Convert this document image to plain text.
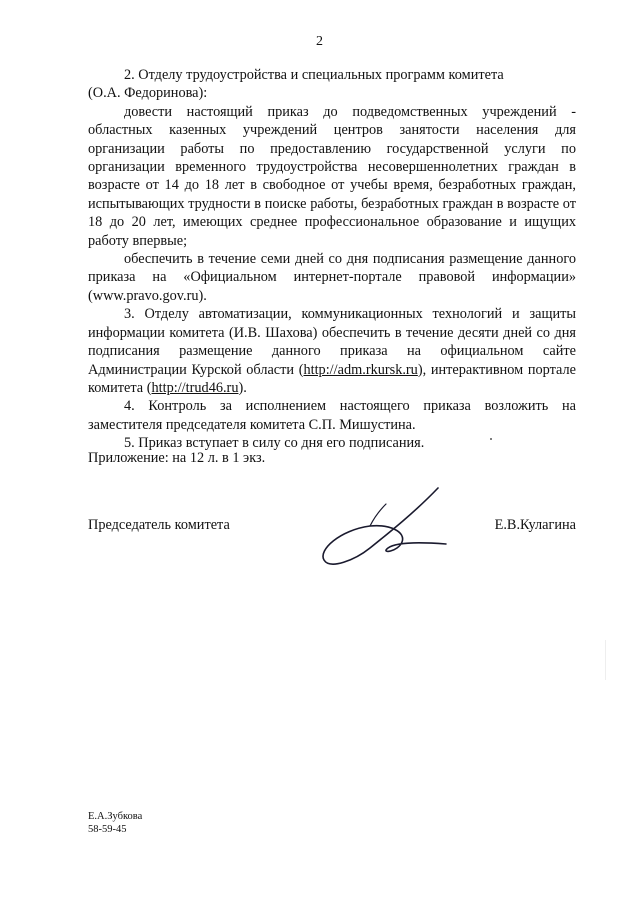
2

2. Отделу трудоустройства и специальных программ комитета

(О.А. Федоринова):

довести настоящий приказ до подведомственных учреждений - областных казенных учреждений центров занятости населения для организации работы по предоставлению государственной услуги по организации временного трудоустройства несовершеннолетних граждан в возрасте от 14 до 18 лет в свободное от учебы время, безработных граждан, испытывающих трудности в поиске работы, безработных граждан в возрасте от 18 до 20 лет, имеющих среднее профессиональное образование и ищущих работу впервые;

обеспечить в течение семи дней со дня подписания размещение данного приказа на «Официальном интернет-портале правовой информации» (www.pravo.gov.ru).

3. Отделу автоматизации, коммуникационных технологий и защиты информации комитета (И.В. Шахова) обеспечить в течение десяти дней со дня подписания размещение данного приказа на официальном сайте Администрации Курской области (http://adm.rkursk.ru), интерактивном портале комитета (http://trud46.ru).

4. Контроль за исполнением настоящего приказа возложить на заместителя председателя комитета С.П. Мишустина.

5. Приказ вступает в силу со дня его подписания.

Приложение: на 12 л. в 1 экз.
Председатель комитета	Е.В.Кулагина
Е.А.Зубкова
58-59-45
